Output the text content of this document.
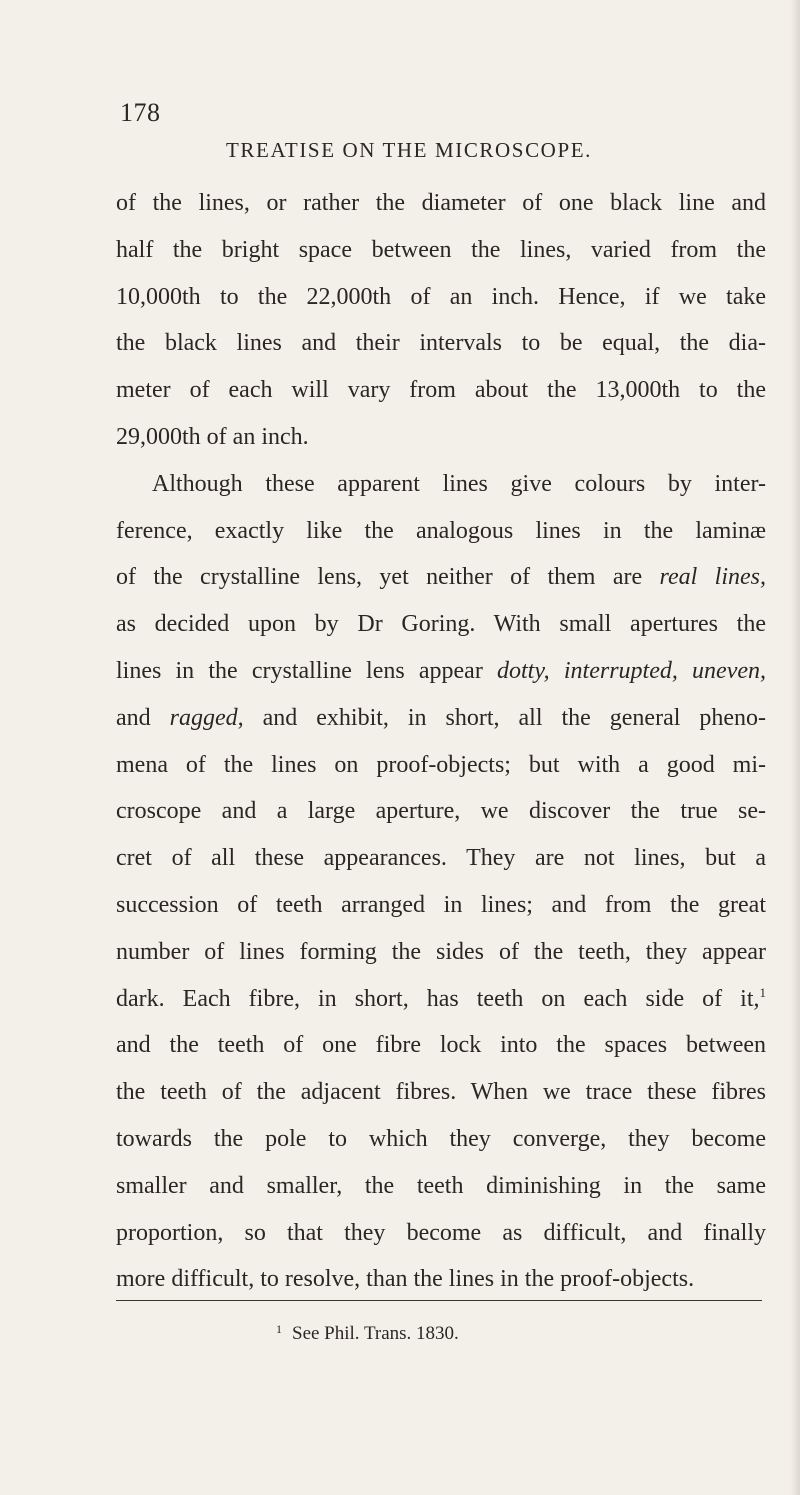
178
TREATISE ON THE MICROSCOPE.
of the lines, or rather the diameter of one black line and
half the bright space between the lines, varied from the
10,000th to the 22,000th of an inch. Hence, if we take
the black lines and their intervals to be equal, the dia-
meter of each will vary from about the 13,000th to the
29,000th of an inch.
Although these apparent lines give colours by inter-
ference, exactly like the analogous lines in the laminæ
of the crystalline lens, yet neither of them are real lines,
as decided upon by Dr Goring. With small apertures the
lines in the crystalline lens appear dotty, interrupted, uneven,
and ragged, and exhibit, in short, all the general pheno-
mena of the lines on proof-objects; but with a good mi-
croscope and a large aperture, we discover the true se-
cret of all these appearances. They are not lines, but a
succession of teeth arranged in lines; and from the great
number of lines forming the sides of the teeth, they appear
dark. Each fibre, in short, has teeth on each side of it,$^1$
and the teeth of one fibre lock into the spaces between
the teeth of the adjacent fibres. When we trace these fibres
towards the pole to which they converge, they become
smaller and smaller, the teeth diminishing in the same
proportion, so that they become as difficult, and finally
more difficult, to resolve, than the lines in the proof-objects.
$^1$ See Phil. Trans. 1830.
